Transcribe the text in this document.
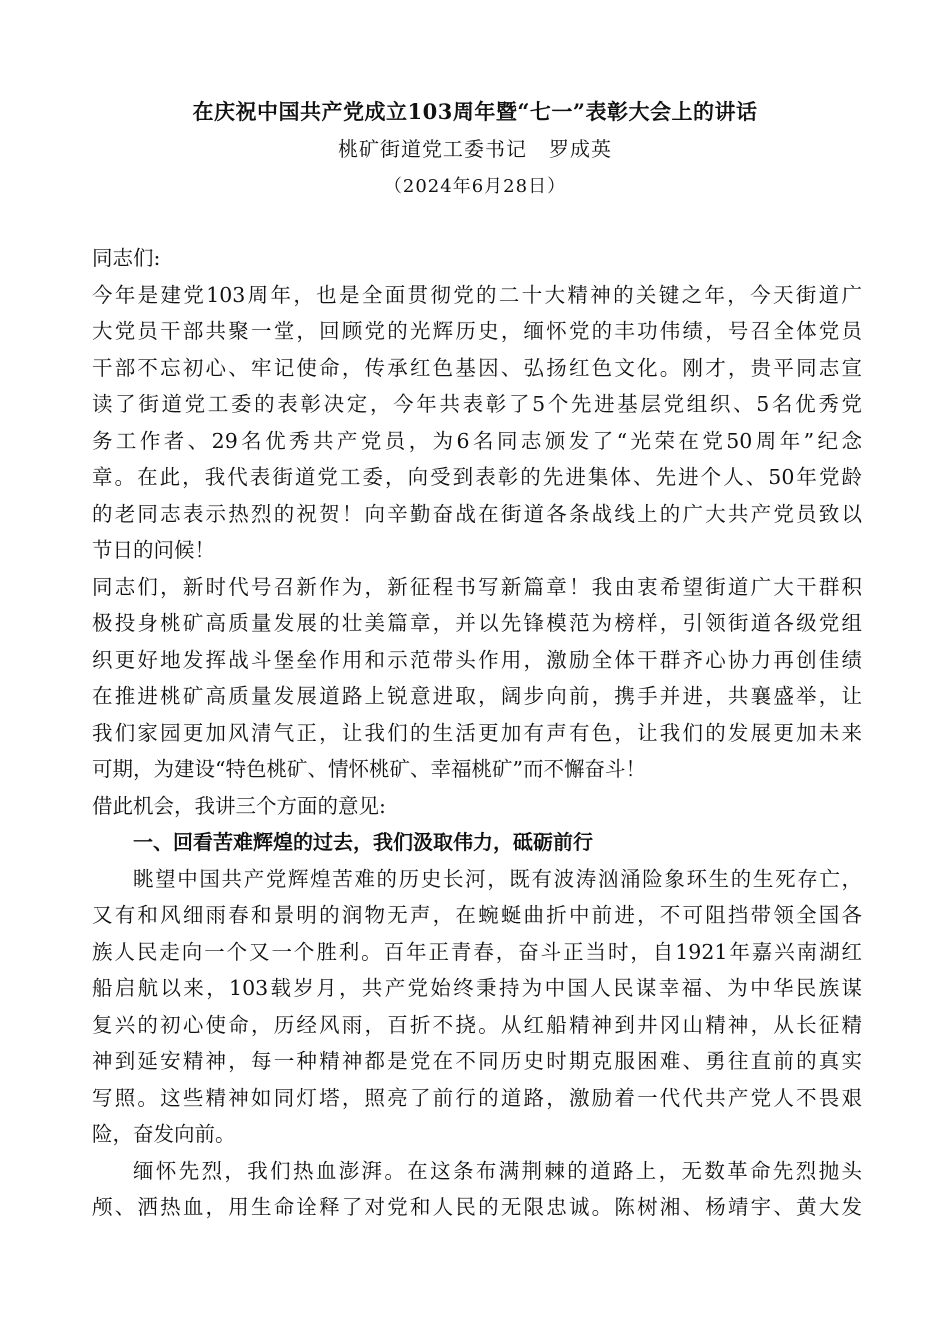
在庆祝中国共产党成立103周年暨“七一”表彰大会上的讲话
桃矿街道党工委书记   罗成英
（2024年6月28日）
同志们:
今年是建党103周年，也是全面贯彻党的二十大精神的关键之年，今天街道广
大党员干部共聚一堂，回顾党的光辉历史，缅怀党的丰功伟绩，号召全体党员
干部不忘初心、牢记使命，传承红色基因、弘扬红色文化。刚才，贵平同志宣
读了街道党工委的表彰决定，今年共表彰了5个先进基层党组织、5名优秀党
务工作者、29名优秀共产党员，为6名同志颁发了“光荣在党50周年”纪念
章。在此，我代表街道党工委，向受到表彰的先进集体、先进个人、50年党龄
的老同志表示热烈的祝贺！向辛勤奋战在街道各条战线上的广大共产党员致以
节日的问候！
同志们，新时代号召新作为，新征程书写新篇章！我由衷希望街道广大干群积
极投身桃矿高质量发展的壮美篇章，并以先锋模范为榜样，引领街道各级党组
织更好地发挥战斗堡垒作用和示范带头作用，激励全体干群齐心协力再创佳绩
在推进桃矿高质量发展道路上锐意进取，阔步向前，携手并进，共襄盛举，让
我们家园更加风清气正，让我们的生活更加有声有色，让我们的发展更加未来
可期，为建设“特色桃矿、情怀桃矿、幸福桃矿”而不懈奋斗！
借此机会，我讲三个方面的意见:
一、回看苦难辉煌的过去，我们汲取伟力，砥砺前行
眺望中国共产党辉煌苦难的历史长河，既有波涛汹涌险象环生的生死存亡，
又有和风细雨春和景明的润物无声，在蜿蜒曲折中前进，不可阻挡带领全国各
族人民走向一个又一个胜利。百年正青春，奋斗正当时，自1921年嘉兴南湖红
船启航以来，103载岁月，共产党始终秉持为中国人民谋幸福、为中华民族谋
复兴的初心使命，历经风雨，百折不挠。从红船精神到井冈山精神，从长征精
神到延安精神，每一种精神都是党在不同历史时期克服困难、勇往直前的真实
写照。这些精神如同灯塔，照亮了前行的道路，激励着一代代共产党人不畏艰
险，奋发向前。
缅怀先烈，我们热血澎湃。在这条布满荆棘的道路上，无数革命先烈抛头
颅、洒热血，用生命诠释了对党和人民的无限忠诚。陈树湘、杨靖宇、黄大发
